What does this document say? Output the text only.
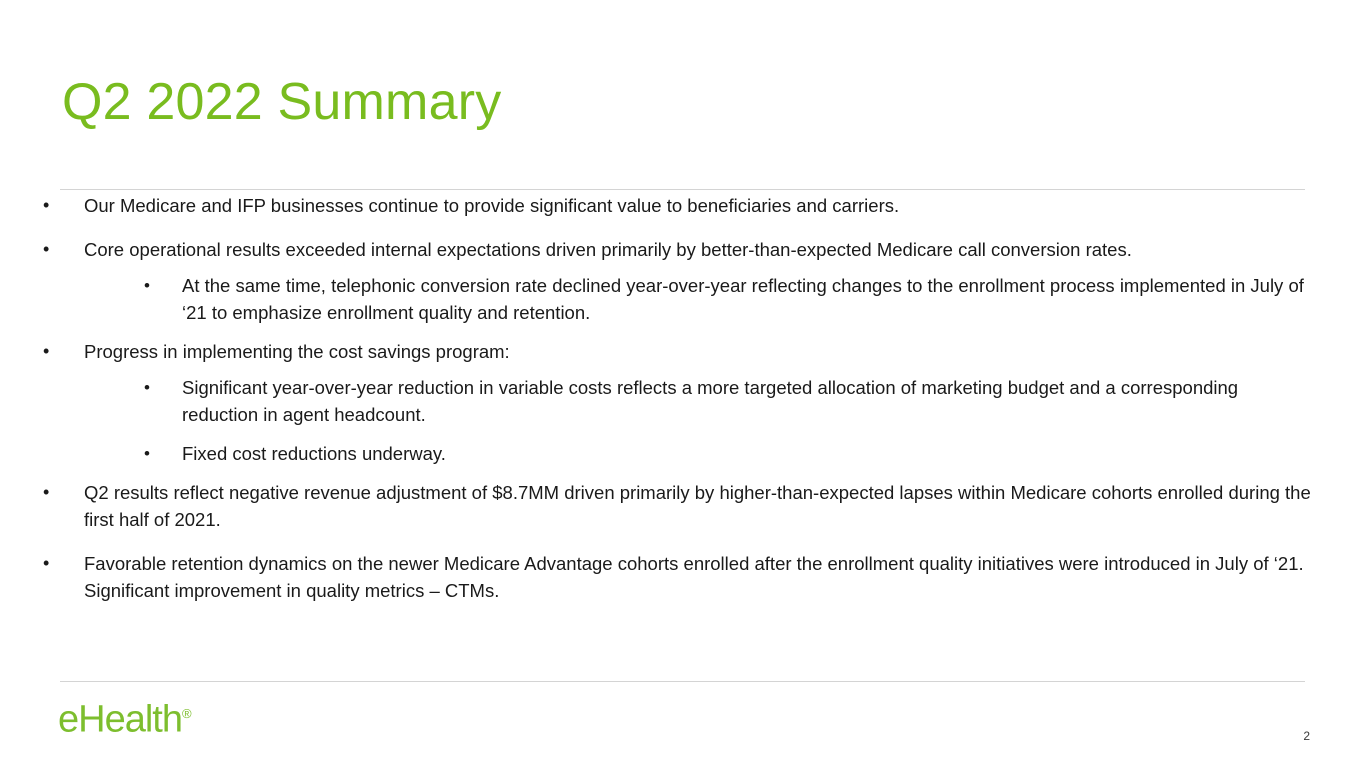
Q2 2022 Summary
• Our Medicare and IFP businesses continue to provide significant value to beneficiaries and carriers.
• Core operational results exceeded internal expectations driven primarily by better-than-expected Medicare call conversion rates.
• At the same time, telephonic conversion rate declined year-over-year reflecting changes to the enrollment process implemented in July of ‘21 to emphasize enrollment quality and retention.
• Progress in implementing the cost savings program:
• Significant year-over-year reduction in variable costs reflects a more targeted allocation of marketing budget and a corresponding reduction in agent headcount.
• Fixed cost reductions underway.
• Q2 results reflect negative revenue adjustment of $8.7MM driven primarily by higher-than-expected lapses within Medicare cohorts enrolled during the first half of 2021.
• Favorable retention dynamics on the newer Medicare Advantage cohorts enrolled after the enrollment quality initiatives were introduced in July of ‘21. Significant improvement in quality metrics – CTMs.
eHealth®
2
